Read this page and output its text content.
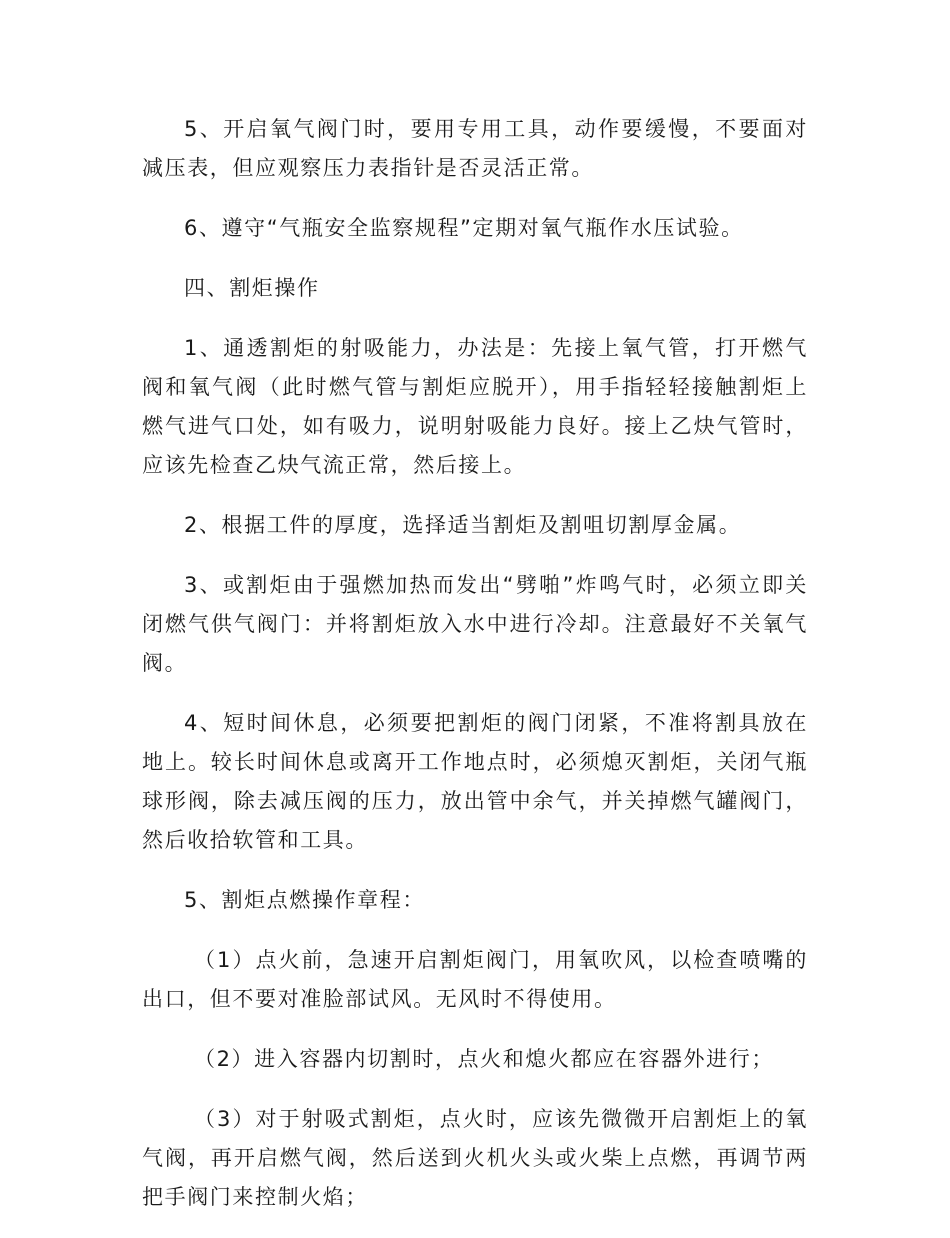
5、开启氧气阀门时，要用专用工具，动作要缓慢，不要面对减压表，但应观察压力表指针是否灵活正常。

6、遵守“气瓶安全监察规程”定期对氧气瓶作水压试验。

四、割炬操作

1、通透割炬的射吸能力，办法是：先接上氧气管，打开燃气阀和氧气阀（此时燃气管与割炬应脱开），用手指轻轻接触割炬上燃气进气口处，如有吸力，说明射吸能力良好。接上乙炔气管时，应该先检查乙炔气流正常，然后接上。

2、根据工件的厚度，选择适当割炬及割咀切割厚金属。

3、或割炬由于强燃加热而发出“劈啪”炸鸣气时，必须立即关闭燃气供气阀门：并将割炬放入水中进行冷却。注意最好不关氧气阀。

4、短时间休息，必须要把割炬的阀门闭紧，不准将割具放在地上。较长时间休息或离开工作地点时，必须熄灭割炬，关闭气瓶球形阀，除去减压阀的压力，放出管中余气，并关掉燃气罐阀门，然后收拾软管和工具。

5、割炬点燃操作章程：

（1）点火前，急速开启割炬阀门，用氧吹风，以检查喷嘴的出口，但不要对准脸部试风。无风时不得使用。

（2）进入容器内切割时，点火和熄火都应在容器外进行；

（3）对于射吸式割炬，点火时，应该先微微开启割炬上的氧气阀，再开启燃气阀，然后送到火机火头或火柴上点燃，再调节两把手阀门来控制火焰；
